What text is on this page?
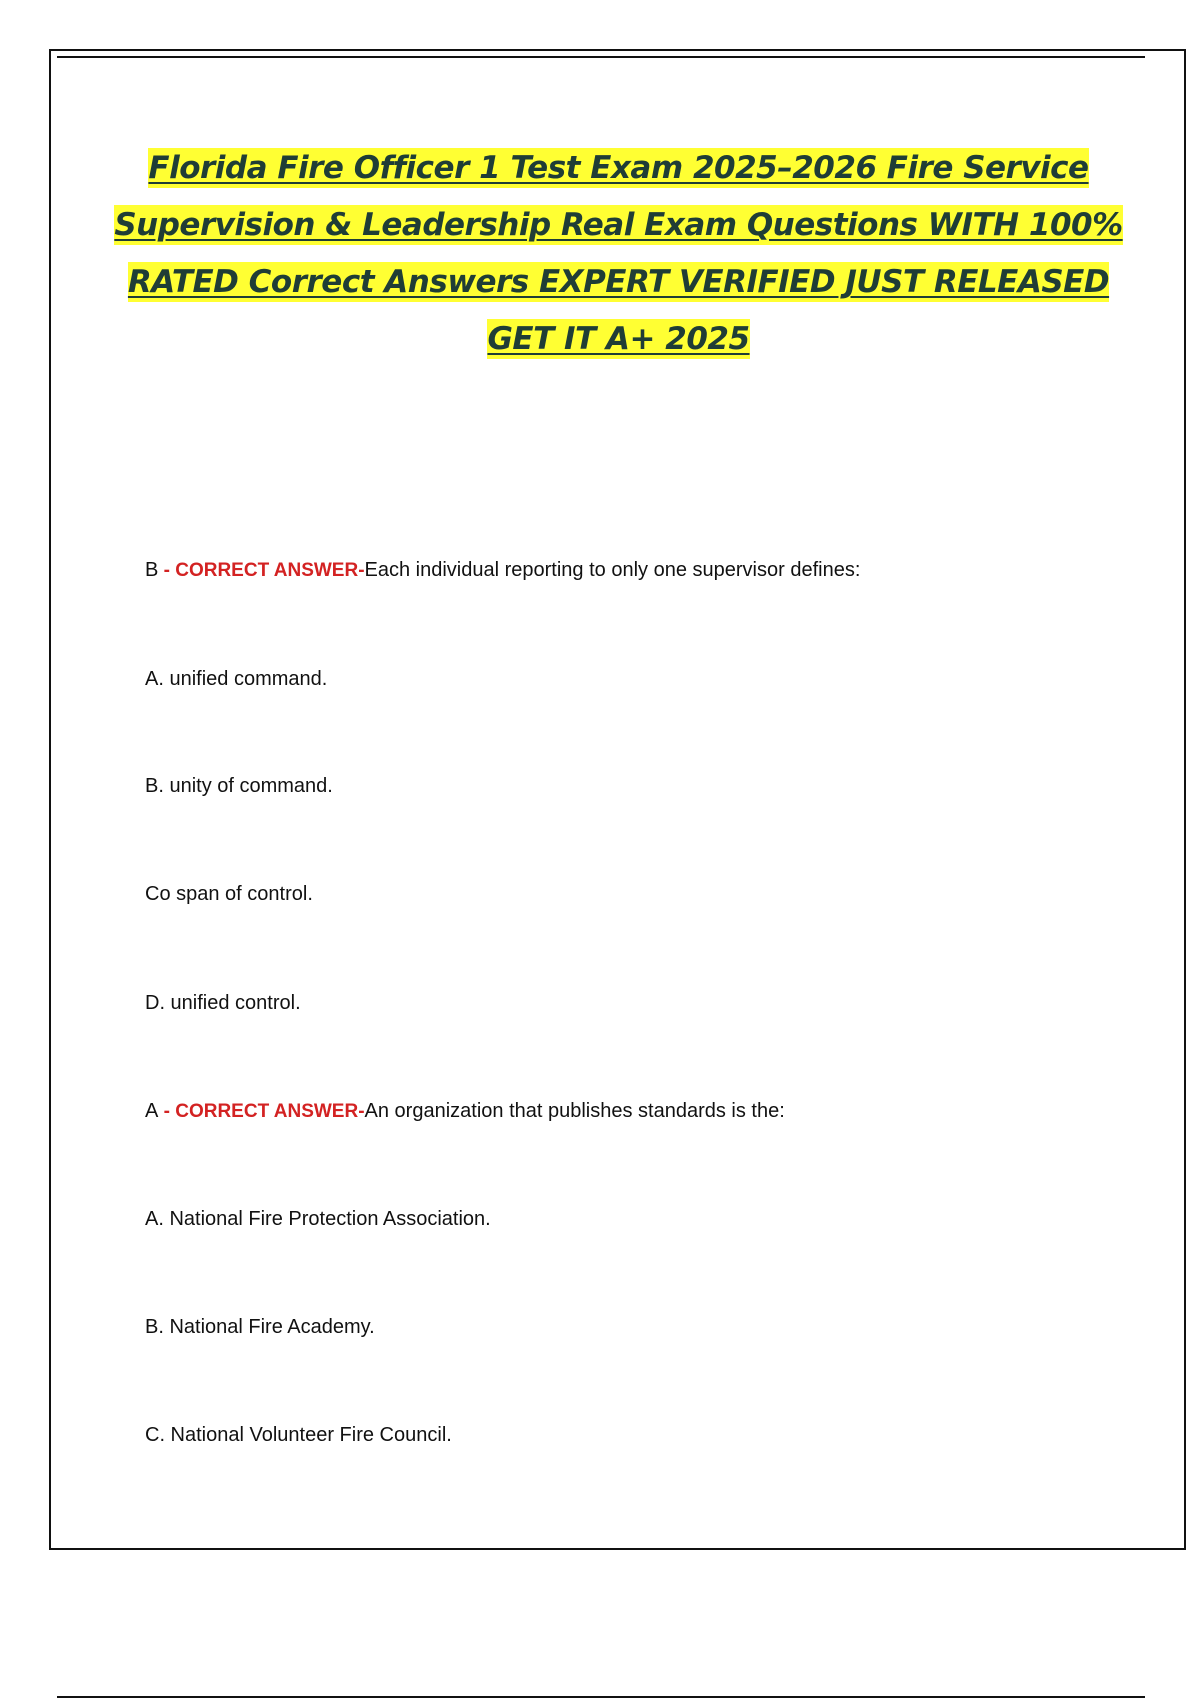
Florida Fire Officer 1 Test Exam 2025–2026 Fire Service Supervision & Leadership Real Exam Questions WITH 100% RATED Correct Answers EXPERT VERIFIED JUST RELEASED GET IT A+ 2025

B - CORRECT ANSWER-Each individual reporting to only one supervisor defines:

A. unified command.

B. unity of command.

Co span of control.

D. unified control.

A - CORRECT ANSWER-An organization that publishes standards is the:

A. National Fire Protection Association.

B. National Fire Academy.

C. National Volunteer Fire Council.
